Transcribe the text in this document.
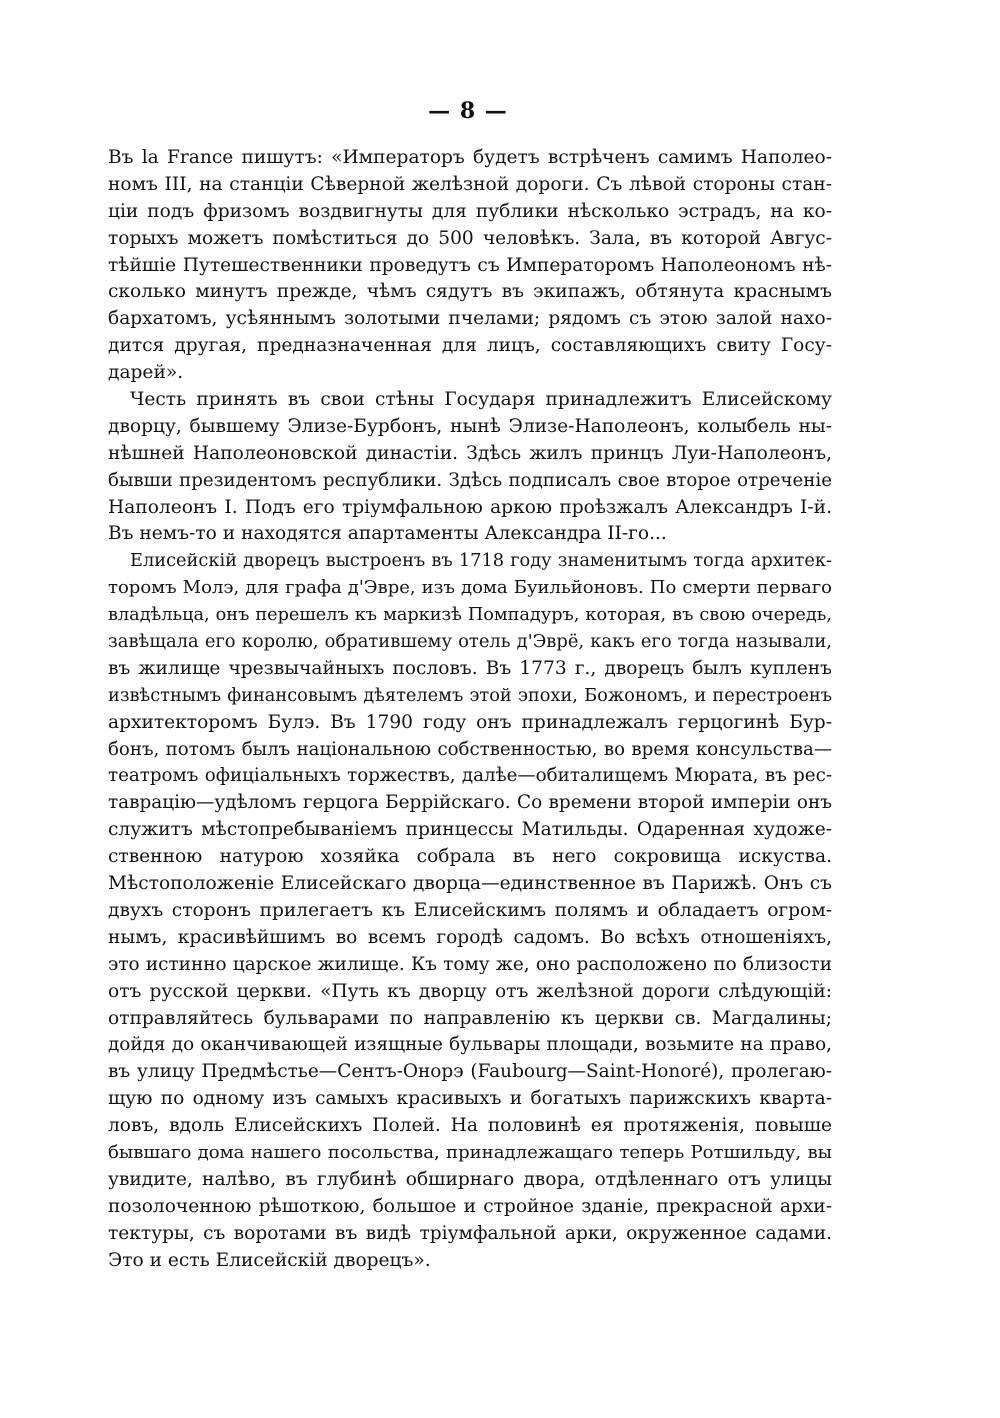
— 8 —
Въ la France пишутъ: «Императоръ будетъ встрѣченъ самимъ Наполео-
номъ III, на станціи Сѣверной желѣзной дороги. Съ лѣвой стороны стан-
ціи подъ фризомъ воздвигнуты для публики нѣсколько эстрадъ, на ко-
торыхъ можетъ помѣститься до 500 человѣкъ. Зала, въ которой Авгус-
тѣйшіе Путешественники проведутъ съ Императоромъ Наполеономъ нѣ-
сколько минутъ прежде, чѣмъ сядутъ въ экипажъ, обтянута краснымъ
бархатомъ, усѣяннымъ золотыми пчелами; рядомъ съ этою залой нахо-
дится другая, предназначенная для лицъ, составляющихъ свиту Госу-
дарей».
Честь принять въ свои стѣны Государя принадлежитъ Елисейскому
дворцу, бывшему Элизе-Бурбонъ, нынѣ Элизе-Наполеонъ, колыбель ны-
нѣшней Наполеоновской династіи. Здѣсь жилъ принцъ Луи-Наполеонъ,
бывши президентомъ республики. Здѣсь подписалъ свое второе отреченіе
Наполеонъ I. Подъ его тріумфальною аркою проѣзжалъ Александръ I-й.
Въ немъ-то и находятся апартаменты Александра II-го...
Елисейскій дворецъ выстроенъ въ 1718 году знаменитымъ тогда архитек-
торомъ Молэ, для графа д'Эвре, изъ дома Буильйоновъ. По смерти перваго
владѣльца, онъ перешелъ къ маркизѣ Помпадуръ, которая, въ свою очередь,
завѣщала его королю, обратившему отель д'Эврё, какъ его тогда называли,
въ жилище чрезвычайныхъ пословъ. Въ 1773 г., дворецъ былъ купленъ
извѣстнымъ финансовымъ дѣятелемъ этой эпохи, Божономъ, и перестроенъ
архитекторомъ Булэ. Въ 1790 году онъ принадлежалъ герцогинѣ Бур-
бонъ, потомъ былъ національною собственностью, во время консульства—
театромъ офиціальныхъ торжествъ, далѣе—обиталищемъ Мюрата, въ рес-
таврацію—удѣломъ герцога Беррійскаго. Со времени второй имперіи онъ
служитъ мѣстопребываніемъ принцессы Матильды. Одаренная художе-
ственною натурою хозяйка собрала въ него сокровища искуства.
Мѣстоположеніе Елисейскаго дворца—единственное въ Парижѣ. Онъ съ
двухъ сторонъ прилегаетъ къ Елисейскимъ полямъ и обладаетъ огром-
нымъ, красивѣйшимъ во всемъ городѣ садомъ. Во всѣхъ отношеніяхъ,
это истинно царское жилище. Къ тому же, оно расположено по близости
отъ русской церкви. «Путь къ дворцу отъ желѣзной дороги слѣдующій:
отправляйтесь бульварами по направленію къ церкви св. Магдалины;
дойдя до оканчивающей изящные бульвары площади, возьмите на право,
въ улицу Предмѣстье—Сентъ-Онорэ (Faubourg—Saint-Honoré), пролегаю-
щую по одному изъ самыхъ красивыхъ и богатыхъ парижскихъ кварта-
ловъ, вдоль Елисейскихъ Полей. На половинѣ ея протяженія, повыше
бывшаго дома нашего посольства, принадлежащаго теперь Ротшильду, вы
увидите, налѣво, въ глубинѣ обширнаго двора, отдѣленнаго отъ улицы
позолоченною рѣшоткою, большое и стройное зданіе, прекрасной архи-
тектуры, съ воротами въ видѣ тріумфальной арки, окруженное садами.
Это и есть Елисейскій дворецъ».
